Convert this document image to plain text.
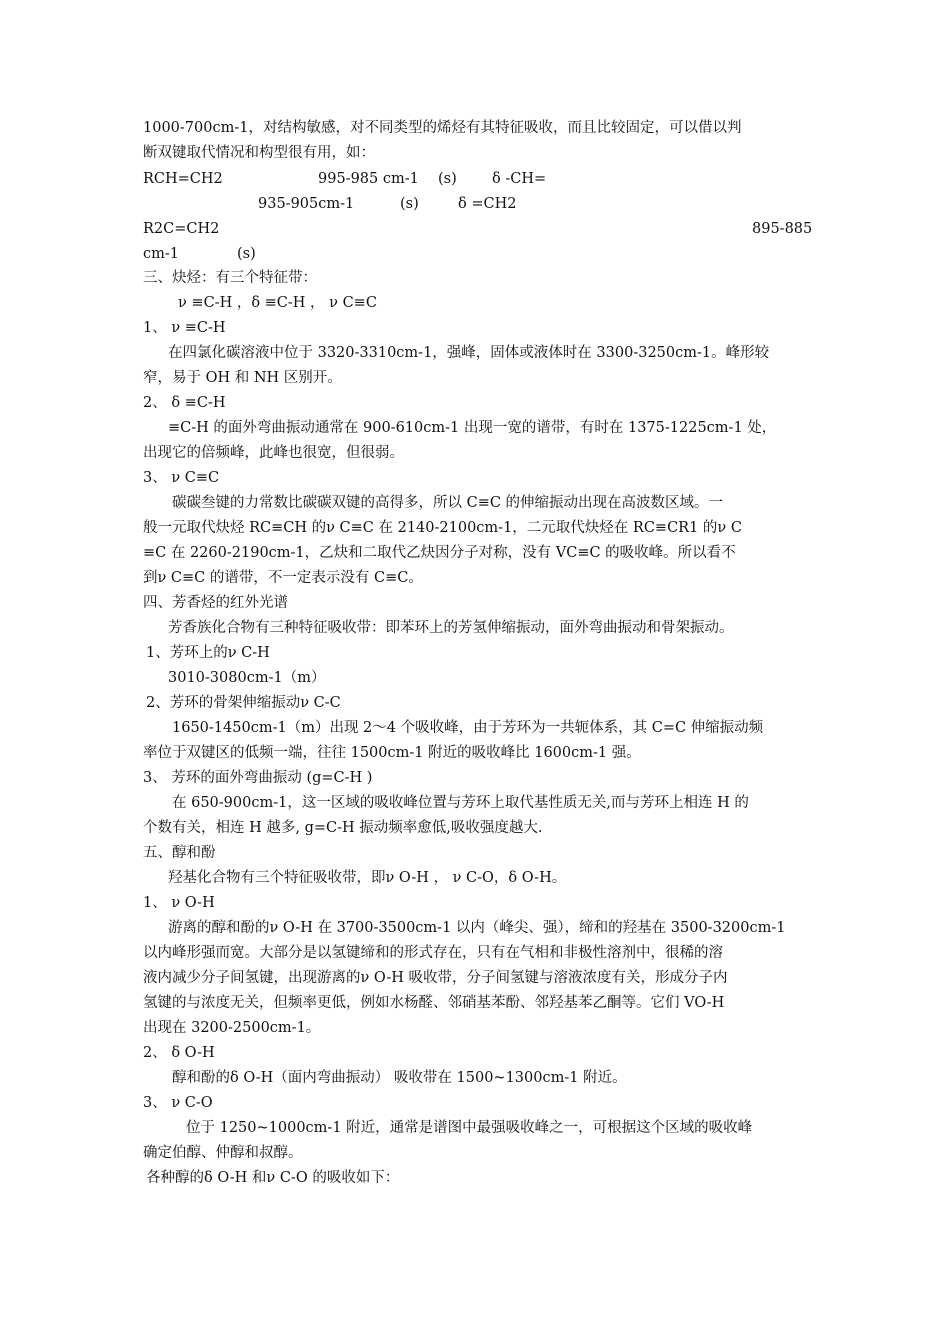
1000-700cm-1，对结构敏感，对不同类型的烯烃有其特征吸收，而且比较固定，可以借以判
断双键取代情况和构型很有用，如：
RCH=CH2	995-985 cm-1 (s) δ -CH=
935-905cm-1	(s)	δ =CH2
R2C=CH2	895-885
cm-1	(s)
三、炔烃：有三个特征带：
ν ≡C-H ，δ ≡C-H ， ν C≡C
1、 ν ≡C-H
在四氯化碳溶液中位于 3320-3310cm-1，强峰，固体或液体时在 3300-3250cm-1。峰形较
窄，易于 OH 和 NH 区别开。
2、 δ ≡C-H
≡C-H 的面外弯曲振动通常在 900-610cm-1 出现一宽的谱带，有时在 1375-1225cm-1 处，
出现它的倍频峰，此峰也很宽，但很弱。
3、 ν C≡C
碳碳叁键的力常数比碳碳双键的高得多，所以 C≡C 的伸缩振动出现在高波数区域。一
般一元取代炔烃 RC≡CH 的ν C≡C 在 2140-2100cm-1，二元取代炔烃在 RC≡CR1 的ν C
≡C 在 2260-2190cm-1，乙炔和二取代乙炔因分子对称，没有 VC≡C 的吸收峰。所以看不
到ν C≡C 的谱带，不一定表示没有 C≡C。
四、芳香烃的红外光谱
芳香族化合物有三种特征吸收带：即苯环上的芳氢伸缩振动，面外弯曲振动和骨架振动。
1、芳环上的ν C-H
3010-3080cm-1（m）
2、芳环的骨架伸缩振动ν C-C
1650-1450cm-1（m）出现 2～4 个吸收峰，由于芳环为一共轭体系，其 C=C 伸缩振动频
率位于双键区的低频一端，往往 1500cm-1 附近的吸收峰比 1600cm-1 强。
3、 芳环的面外弯曲振动 (g=C-H )
在 650-900cm-1，这一区域的吸收峰位置与芳环上取代基性质无关,而与芳环上相连 H 的
个数有关，相连 H 越多, g=C-H 振动频率愈低,吸收强度越大.
五、醇和酚
羟基化合物有三个特征吸收带，即ν O-H ， ν C-O，δ O-H。
1、 ν O-H
游离的醇和酚的ν O-H 在 3700-3500cm-1 以内（峰尖、强），缔和的羟基在 3500-3200cm-1
以内峰形强而宽。大部分是以氢键缔和的形式存在，只有在气相和非极性溶剂中，很稀的溶
液内减少分子间氢键，出现游离的ν O-H 吸收带，分子间氢键与溶液浓度有关，形成分子内
氢键的与浓度无关，但频率更低，例如水杨醛、邻硝基苯酚、邻羟基苯乙酮等。它们 VO-H
出现在 3200-2500cm-1。
2、 δ O-H
醇和酚的δ O-H（面内弯曲振动） 吸收带在 1500~1300cm-1 附近。
3、 ν C-O
位于 1250~1000cm-1 附近，通常是谱图中最强吸收峰之一，可根据这个区域的吸收峰
确定伯醇、仲醇和叔醇。
各种醇的δ O-H 和ν C-O 的吸收如下：
